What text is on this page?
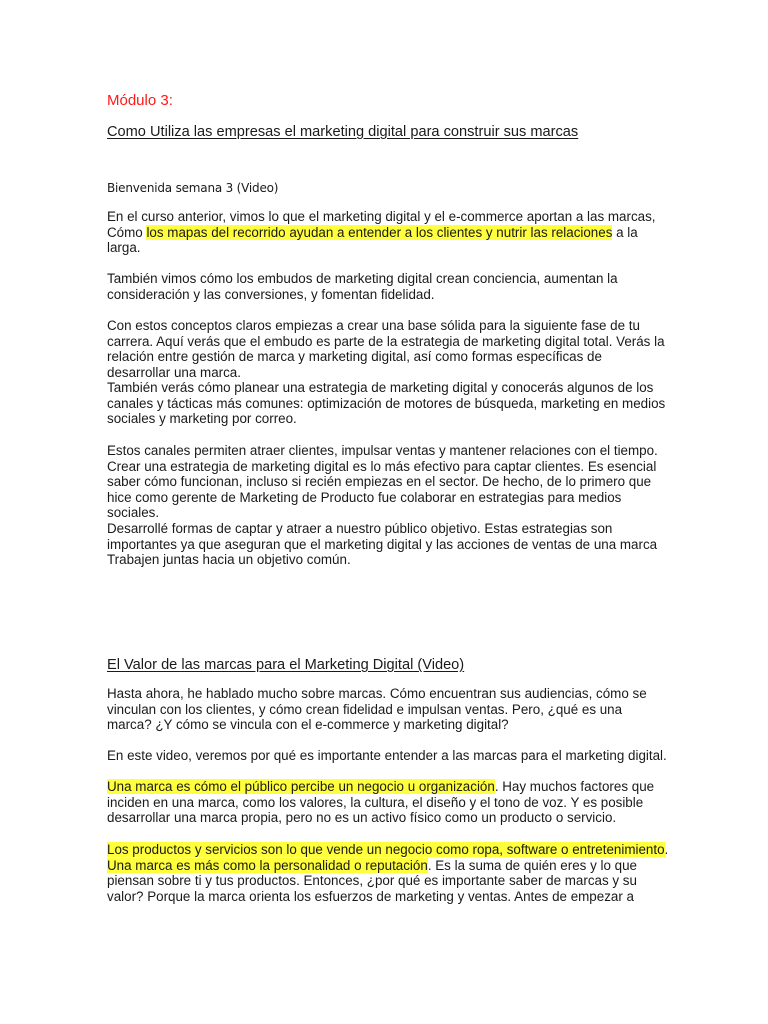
Módulo 3:

Como Utiliza las empresas el marketing digital para construir sus marcas

Bienvenida semana 3 (Video)

En el curso anterior, vimos lo que el marketing digital y el e-commerce aportan a las marcas, Cómo los mapas del recorrido ayudan a entender a los clientes y nutrir las relaciones a la larga.

También vimos cómo los embudos de marketing digital crean conciencia, aumentan la consideración y las conversiones, y fomentan fidelidad.

Con estos conceptos claros empiezas a crear una base sólida para la siguiente fase de tu carrera. Aquí verás que el embudo es parte de la estrategia de marketing digital total. Verás la relación entre gestión de marca y marketing digital, así como formas específicas de desarrollar una marca.

También verás cómo planear una estrategia de marketing digital y conocerás algunos de los canales y tácticas más comunes: optimización de motores de búsqueda, marketing en medios sociales y marketing por correo.

Estos canales permiten atraer clientes, impulsar ventas y mantener relaciones con el tiempo. Crear una estrategia de marketing digital es lo más efectivo para captar clientes. Es esencial saber cómo funcionan, incluso si recién empiezas en el sector. De hecho, de lo primero que hice como gerente de Marketing de Producto fue colaborar en estrategias para medios sociales.

Desarrollé formas de captar y atraer a nuestro público objetivo. Estas estrategias son importantes ya que aseguran que el marketing digital y las acciones de ventas de una marca Trabajen juntas hacia un objetivo común.

El Valor de las marcas para el Marketing Digital (Video)

Hasta ahora, he hablado mucho sobre marcas. Cómo encuentran sus audiencias, cómo se vinculan con los clientes, y cómo crean fidelidad e impulsan ventas. Pero, ¿qué es una marca? ¿Y cómo se vincula con el e-commerce y marketing digital?

En este video, veremos por qué es importante entender a las marcas para el marketing digital.

Una marca es cómo el público percibe un negocio u organización. Hay muchos factores que inciden en una marca, como los valores, la cultura, el diseño y el tono de voz. Y es posible desarrollar una marca propia, pero no es un activo físico como un producto o servicio.

Los productos y servicios son lo que vende un negocio como ropa, software o entretenimiento. Una marca es más como la personalidad o reputación. Es la suma de quién eres y lo que piensan sobre ti y tus productos. Entonces, ¿por qué es importante saber de marcas y su valor? Porque la marca orienta los esfuerzos de marketing y ventas. Antes de empezar a
